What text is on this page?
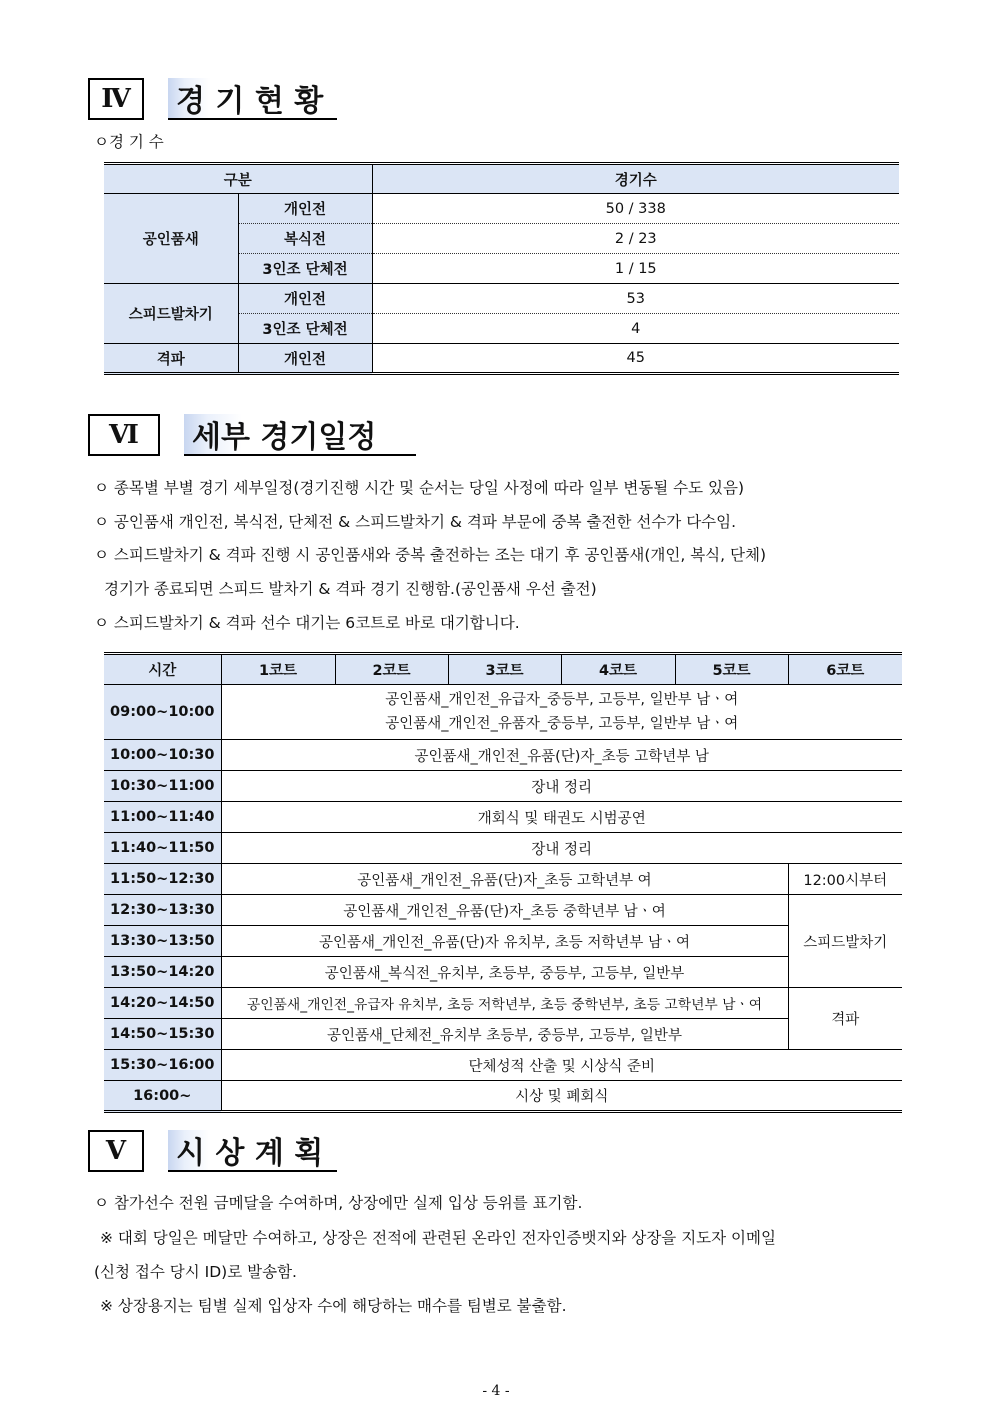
Ⅳ	경 기 현 황
ㅇ경 기 수
구분		경기수
공인품새	개인전	50 / 338
	복식전	2 / 23
	3인조 단체전	1 / 15
스피드발차기	개인전	53
	3인조 단체전	4
격파	개인전	45
Ⅵ	세부 경기일정
ㅇ 종목별 부별 경기 세부일정(경기진행 시간 및 순서는 당일 사정에 따라 일부 변동될 수도 있음)
ㅇ 공인품새 개인전, 복식전, 단체전 & 스피드발차기 & 격파 부문에 중복 출전한 선수가 다수임.
ㅇ 스피드발차기 & 격파 진행 시 공인품새와 중복 출전하는 조는 대기 후 공인품새(개인, 복식, 단체)
경기가 종료되면 스피드 발차기 & 격파 경기 진행함.(공인품새 우선 출전)
ㅇ 스피드발차기 & 격파 선수 대기는 6코트로 바로 대기합니다.
시간	1코트	2코트	3코트	4코트	5코트	6코트
09:00~10:00	공인품새_개인전_유급자_중등부, 고등부, 일반부 남ㆍ여
공인품새_개인전_유품자_중등부, 고등부, 일반부 남ㆍ여					

10:00~10:30	공인품새_개인전_유품(단)자_초등 고학년부 남					
10:30~11:00	장내 정리					
11:00~11:40	개회식 및 태권도 시범공연					
11:40~11:50	장내 정리					
11:50~12:30	공인품새_개인전_유품(단)자_초등 고학년부 여					12:00시부터
12:30~13:30	공인품새_개인전_유품(단)자_초등 중학년부 남ㆍ여					스피드발차기
13:30~13:50	공인품새_개인전_유품(단)자 유치부, 초등 저학년부 남ㆍ여					
13:50~14:20	공인품새_복식전_유치부, 초등부, 중등부, 고등부, 일반부					
14:20~14:50	공인품새_개인전_유급자 유치부, 초등 저학년부, 초등 중학년부, 초등 고학년부 남ㆍ여					격파
14:50~15:30	공인품새_단체전_유치부 초등부, 중등부, 고등부, 일반부					
15:30~16:00	단체성적 산출 및 시상식 준비					
16:00~	시상 및 폐회식					
Ⅴ	시 상 계 획
ㅇ 참가선수 전원 금메달을 수여하며, 상장에만 실제 입상 등위를 표기함.
※ 대회 당일은 메달만 수여하고, 상장은 전적에 관련된 온라인 전자인증뱃지와 상장을 지도자 이메일
(신청 접수 당시 ID)로 발송함.
※ 상장용지는 팀별 실제 입상자 수에 해당하는 매수를 팀별로 불출함.
- 4 -
